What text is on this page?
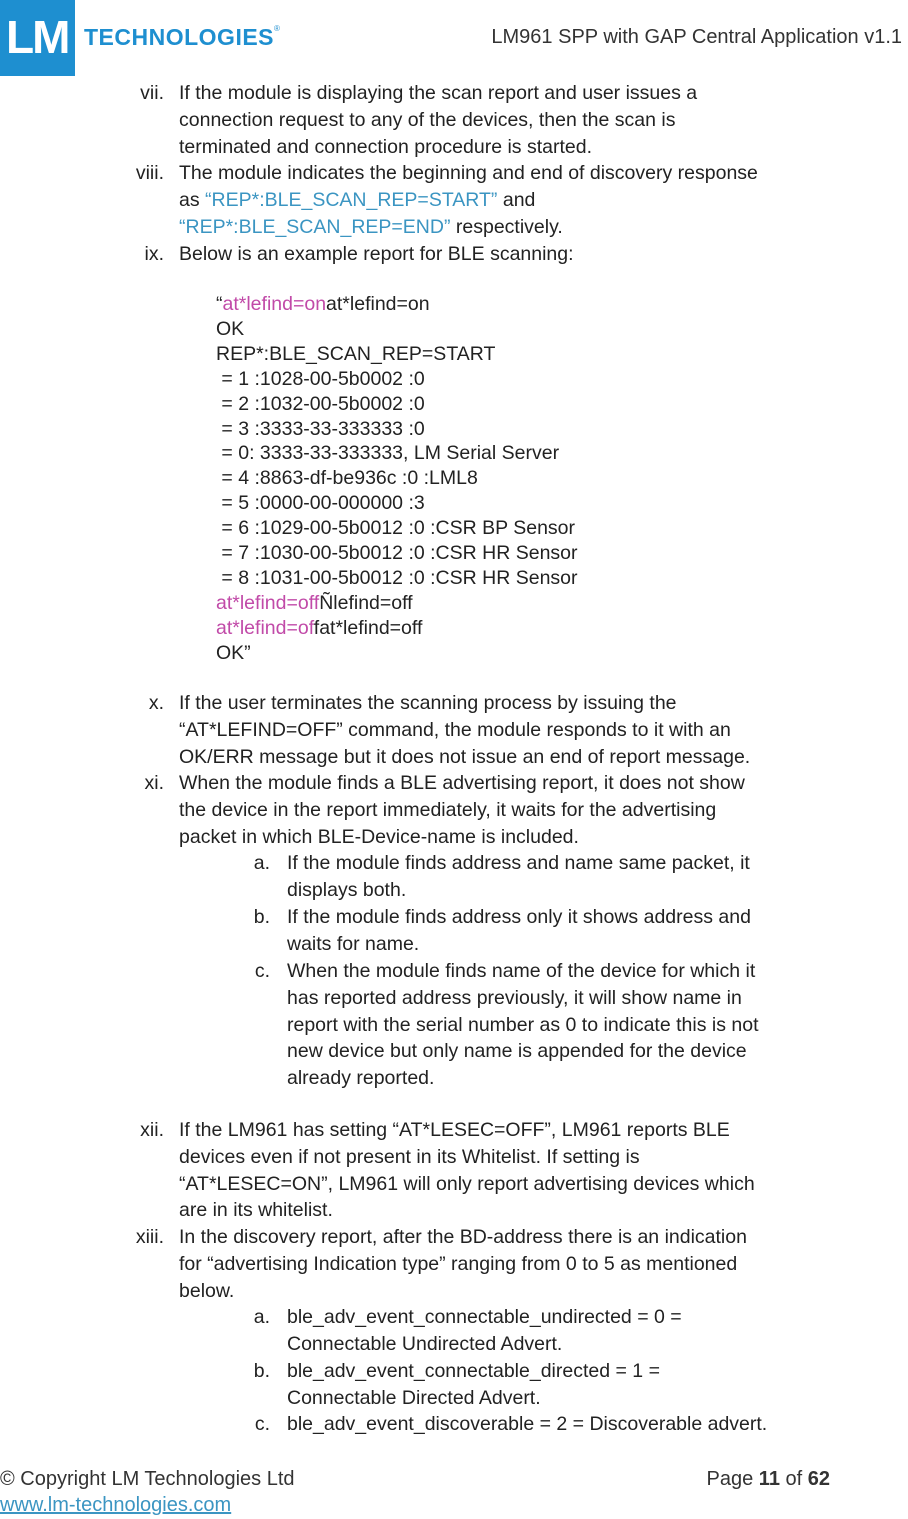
LM TECHNOLOGIES®	LM961 SPP with GAP Central Application v1.1
vii. If the module is displaying the scan report and user issues a
connection request to any of the devices, then the scan is
terminated and connection procedure is started.
viii. The module indicates the beginning and end of discovery response
as “REP*:BLE_SCAN_REP=START” and
“REP*:BLE_SCAN_REP=END” respectively.
ix. Below is an example report for BLE scanning:
“at*lefind=onat*lefind=on
OK
REP*:BLE_SCAN_REP=START
= 1 :1028-00-5b0002 :0
= 2 :1032-00-5b0002 :0
= 3 :3333-33-333333 :0
= 0: 3333-33-333333, LM Serial Server
= 4 :8863-df-be936c :0 :LML8
= 5 :0000-00-000000 :3
= 6 :1029-00-5b0012 :0 :CSR BP Sensor
= 7 :1030-00-5b0012 :0 :CSR HR Sensor
= 8 :1031-00-5b0012 :0 :CSR HR Sensor
at*lefind=offÑlefind=off
at*lefind=offat*lefind=off
OK”
x. If the user terminates the scanning process by issuing the
“AT*LEFIND=OFF” command, the module responds to it with an
OK/ERR message but it does not issue an end of report message.
xi. When the module finds a BLE advertising report, it does not show
the device in the report immediately, it waits for the advertising
packet in which BLE-Device-name is included.
a. If the module finds address and name same packet, it
displays both.
b. If the module finds address only it shows address and
waits for name.
c. When the module finds name of the device for which it
has reported address previously, it will show name in
report with the serial number as 0 to indicate this is not
new device but only name is appended for the device
already reported.
xii. If the LM961 has setting “AT*LESEC=OFF”, LM961 reports BLE
devices even if not present in its Whitelist. If setting is
“AT*LESEC=ON”, LM961 will only report advertising devices which
are in its whitelist.
xiii. In the discovery report, after the BD-address there is an indication
for “advertising Indication type” ranging from 0 to 5 as mentioned
below.
a. ble_adv_event_connectable_undirected = 0 =
Connectable Undirected Advert.
b. ble_adv_event_connectable_directed = 1 =
Connectable Directed Advert.
c. ble_adv_event_discoverable = 2 = Discoverable advert.
© Copyright LM Technologies Ltd
www.lm-technologies.com
Page 11 of 62
